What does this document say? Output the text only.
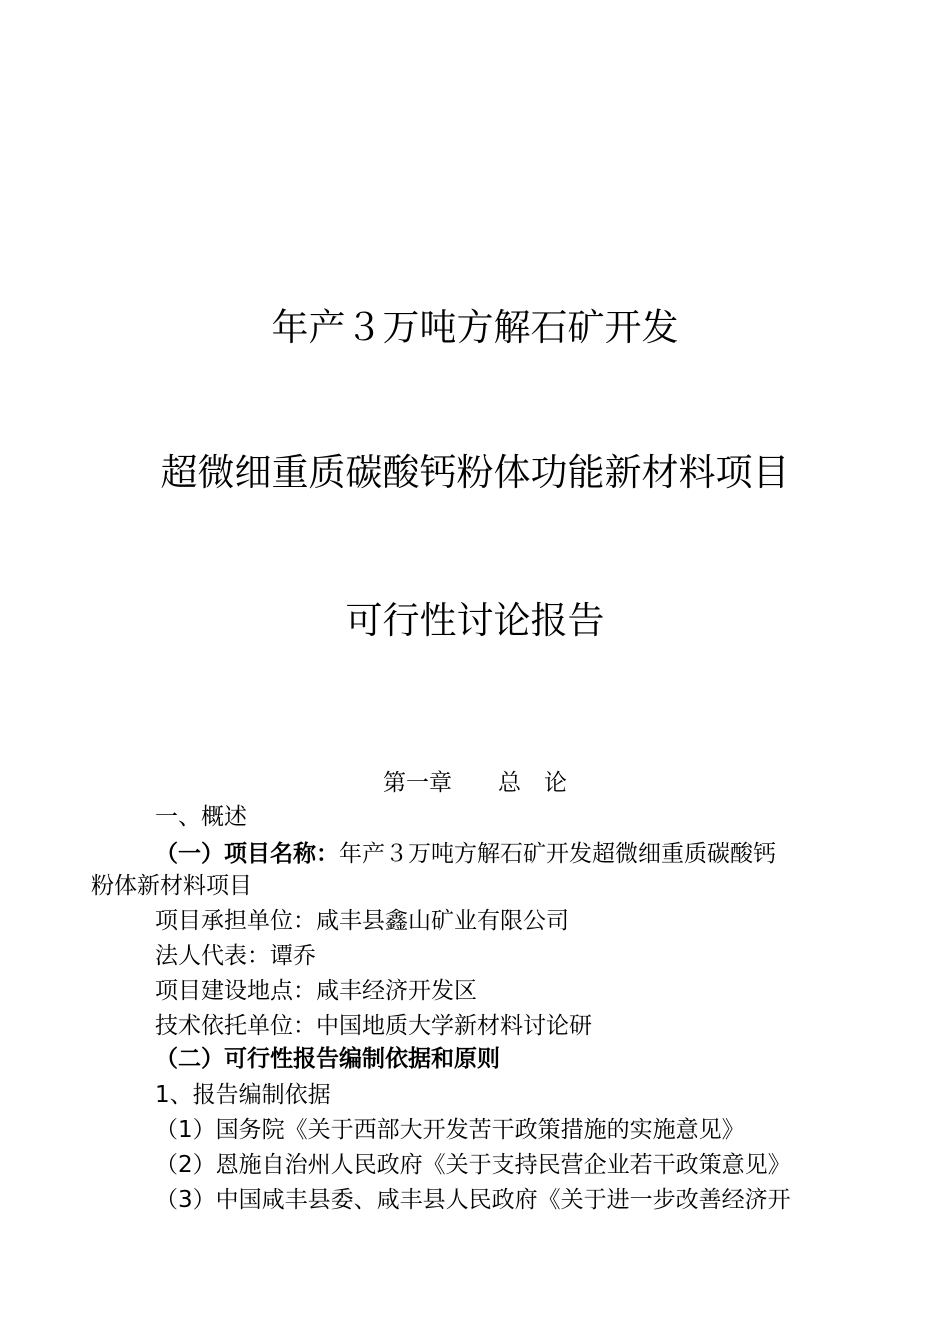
年产３万吨方解石矿开发
超微细重质碳酸钙粉体功能新材料项目
可行性讨论报告
第一章　　总　论
一、概述
（一）项目名称：年产３万吨方解石矿开发超微细重质碳酸钙
粉体新材料项目
项目承担单位：咸丰县鑫山矿业有限公司
法人代表：谭乔
项目建设地点：咸丰经济开发区
技术依托单位：中国地质大学新材料讨论研
（二）可行性报告编制依据和原则
1、报告编制依据
（1）国务院《关于西部大开发苦干政策措施的实施意见》
（2）恩施自治州人民政府《关于支持民营企业若干政策意见》
（3）中国咸丰县委、咸丰县人民政府《关于进一步改善经济开
